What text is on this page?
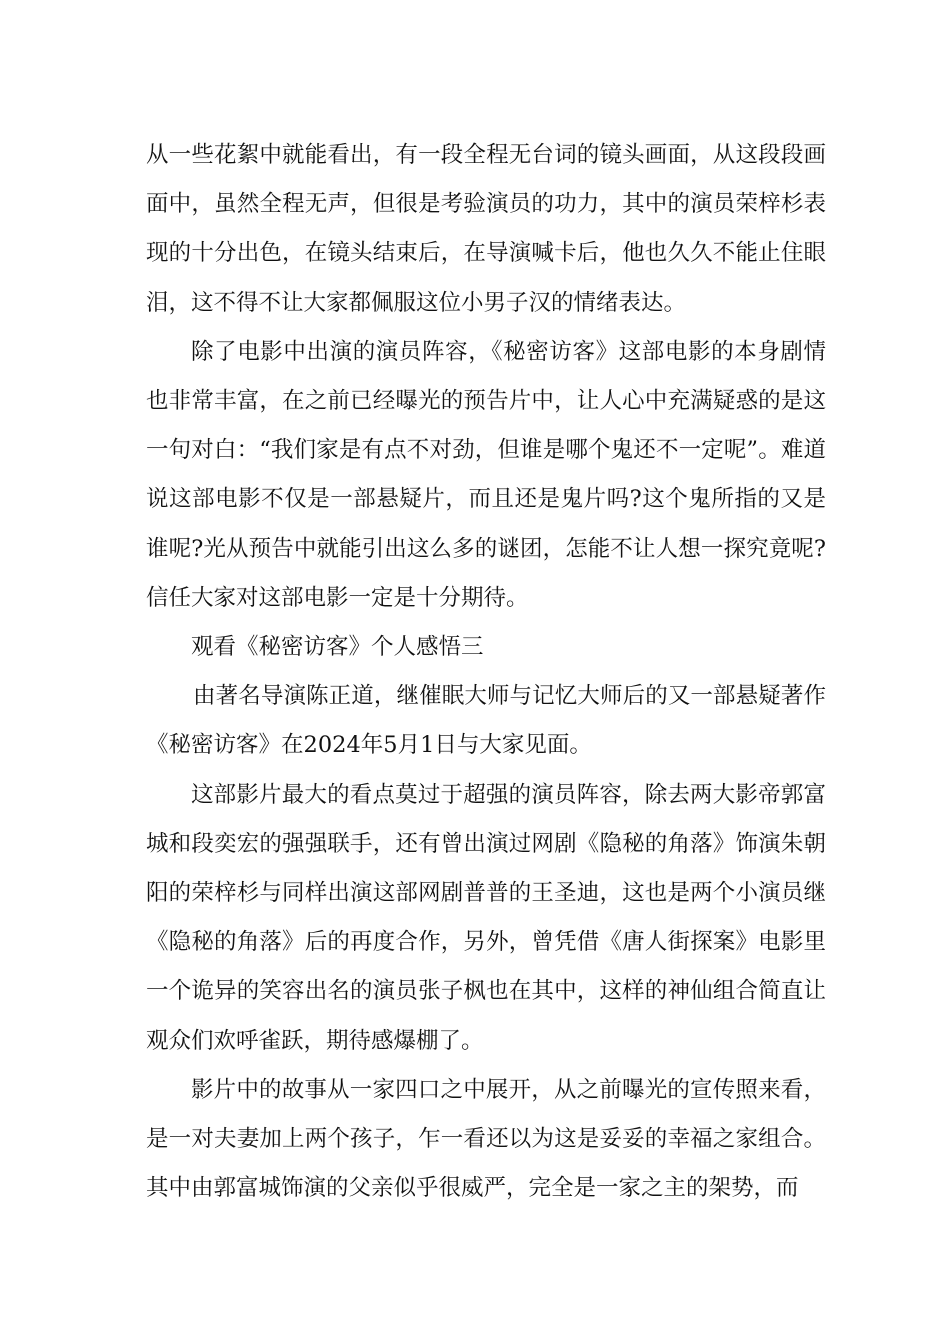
从一些花絮中就能看出，有一段全程无台词的镜头画面，从这段段画面中，虽然全程无声，但很是考验演员的功力，其中的演员荣梓杉表现的十分出色，在镜头结束后，在导演喊卡后，他也久久不能止住眼泪，这不得不让大家都佩服这位小男子汉的情绪表达。

除了电影中出演的演员阵容，《秘密访客》这部电影的本身剧情也非常丰富，在之前已经曝光的预告片中，让人心中充满疑惑的是这一句对白：“我们家是有点不对劲，但谁是哪个鬼还不一定呢”。难道说这部电影不仅是一部悬疑片，而且还是鬼片吗?这个鬼所指的又是谁呢?光从预告中就能引出这么多的谜团，怎能不让人想一探究竟呢?信任大家对这部电影一定是十分期待。

观看《秘密访客》个人感悟三

由著名导演陈正道，继催眠大师与记忆大师后的又一部悬疑著作《秘密访客》在2024年5月1日与大家见面。

这部影片最大的看点莫过于超强的演员阵容，除去两大影帝郭富城和段奕宏的强强联手，还有曾出演过网剧《隐秘的角落》饰演朱朝阳的荣梓杉与同样出演这部网剧普普的王圣迪，这也是两个小演员继《隐秘的角落》后的再度合作，另外，曾凭借《唐人街探案》电影里一个诡异的笑容出名的演员张子枫也在其中，这样的神仙组合简直让观众们欢呼雀跃，期待感爆棚了。

影片中的故事从一家四口之中展开，从之前曝光的宣传照来看，是一对夫妻加上两个孩子，乍一看还以为这是妥妥的幸福之家组合。其中由郭富城饰演的父亲似乎很威严，完全是一家之主的架势，而
